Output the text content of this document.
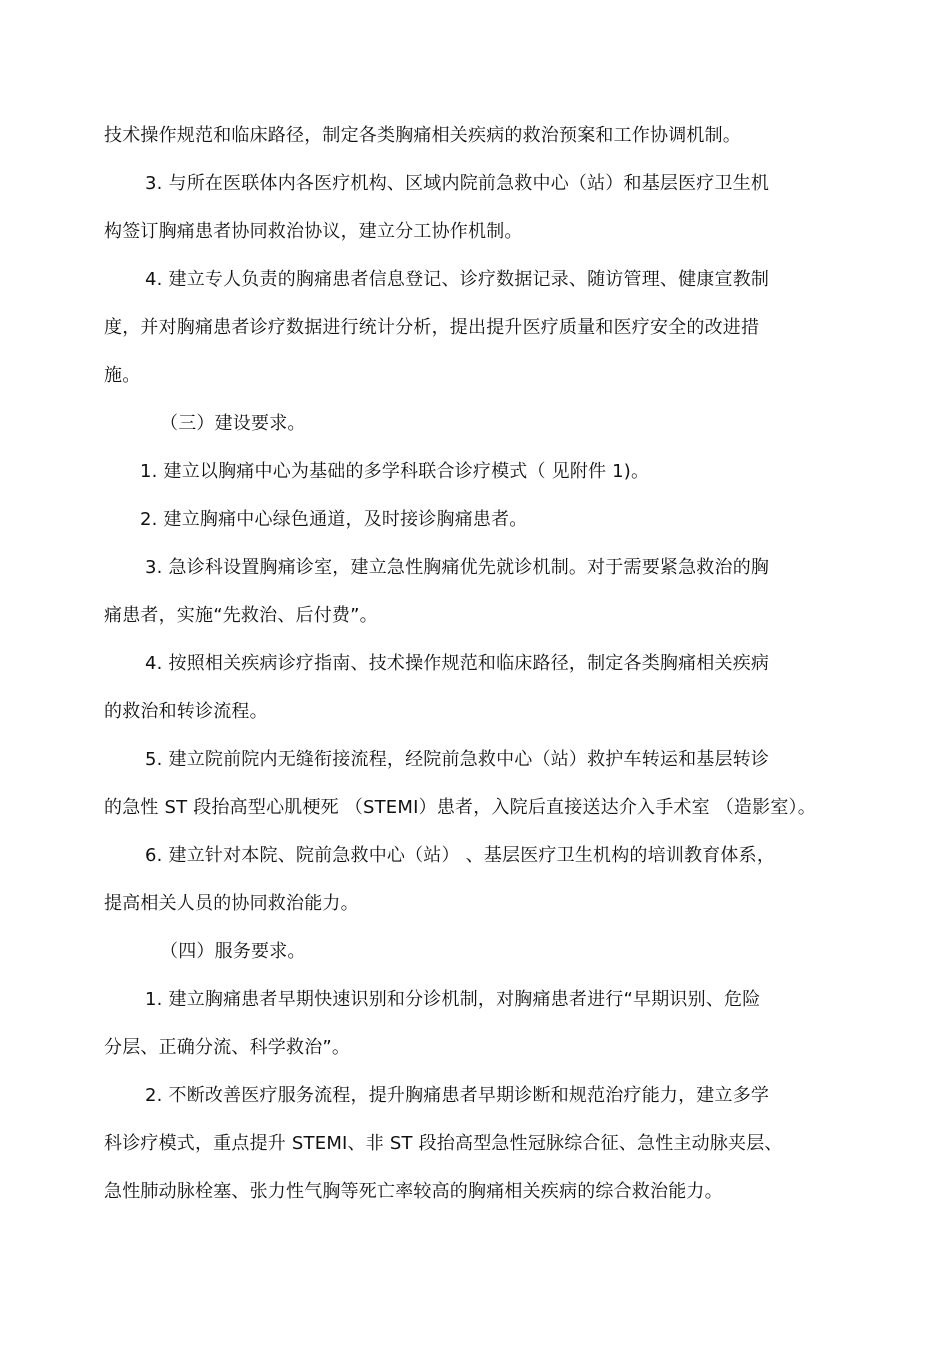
技术操作规范和临床路径，制定各类胸痛相关疾病的救治预案和工作协调机制。
3. 与所在医联体内各医疗机构、区域内院前急救中心（站）和基层医疗卫生机
构签订胸痛患者协同救治协议，建立分工协作机制。
4. 建立专人负责的胸痛患者信息登记、诊疗数据记录、随访管理、健康宣教制
度，并对胸痛患者诊疗数据进行统计分析，提出提升医疗质量和医疗安全的改进措
施。
（三）建设要求。
1. 建立以胸痛中心为基础的多学科联合诊疗模式（ 见附件 1)。
2. 建立胸痛中心绿色通道，及时接诊胸痛患者。
3. 急诊科设置胸痛诊室，建立急性胸痛优先就诊机制。对于需要紧急救治的胸
痛患者，实施“先救治、后付费”。
4. 按照相关疾病诊疗指南、技术操作规范和临床路径，制定各类胸痛相关疾病
的救治和转诊流程。
5. 建立院前院内无缝衔接流程，经院前急救中心（站）救护车转运和基层转诊
的急性 ST 段抬高型心肌梗死 （STEMI）患者，入院后直接送达介入手术室 （造影室）。
6. 建立针对本院、院前急救中心（站） 、基层医疗卫生机构的培训教育体系，
提高相关人员的协同救治能力。
（四）服务要求。
1. 建立胸痛患者早期快速识别和分诊机制，对胸痛患者进行“早期识别、危险
分层、正确分流、科学救治”。
2. 不断改善医疗服务流程，提升胸痛患者早期诊断和规范治疗能力，建立多学
科诊疗模式，重点提升 STEMI、非 ST 段抬高型急性冠脉综合征、急性主动脉夹层、
急性肺动脉栓塞、张力性气胸等死亡率较高的胸痛相关疾病的综合救治能力。
